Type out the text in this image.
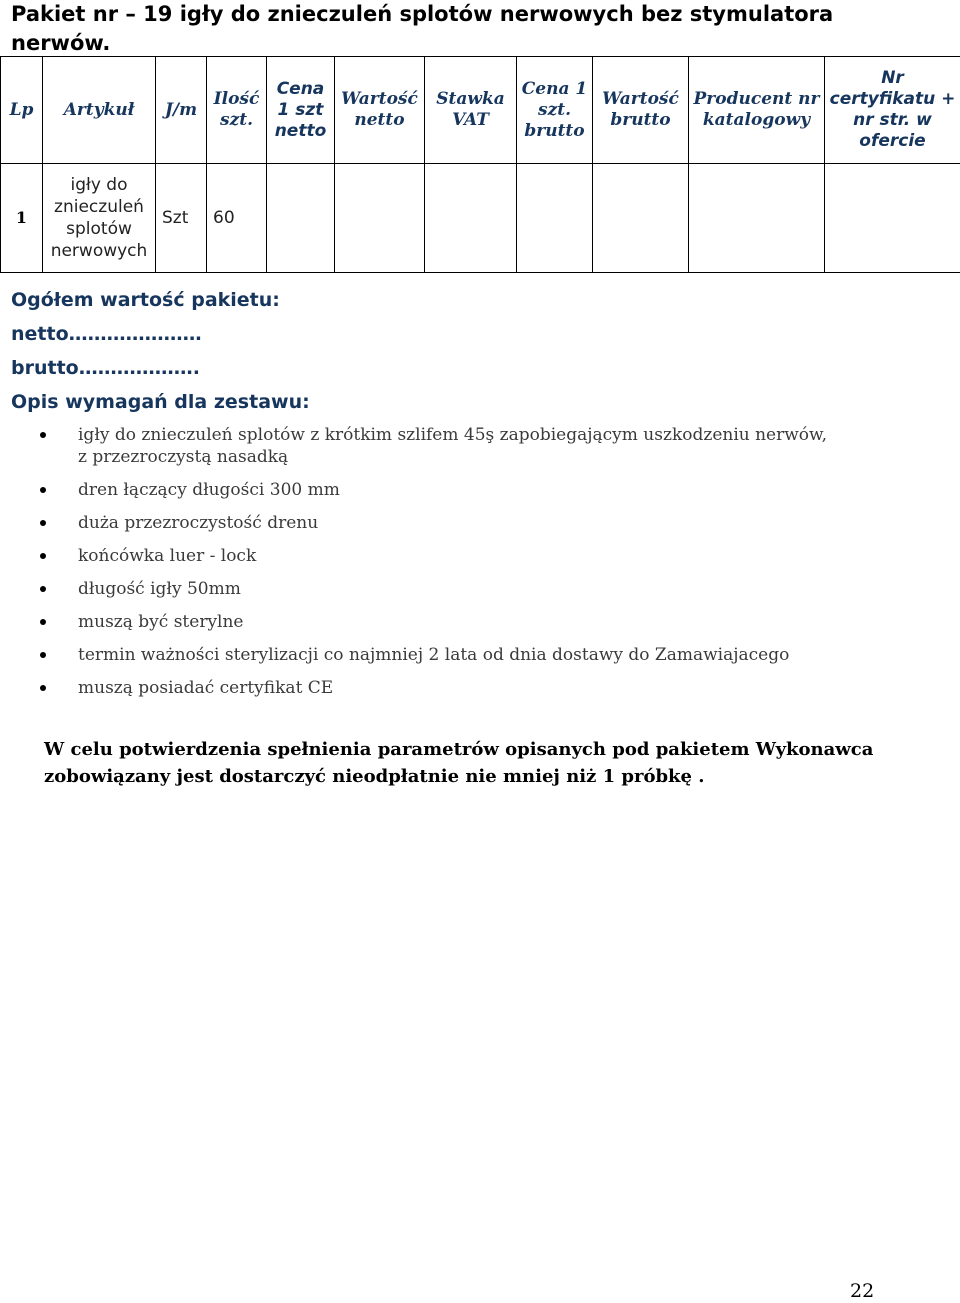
Pakiet nr – 19 igły do znieczuleń splotów nerwowych bez stymulatora nerwów.
Lp	Artykuł	J/m	Ilość szt.	Cena 1 szt netto	Wartość netto	Stawka VAT	Cena 1 szt. brutto	Wartość brutto	Producent nr katalogowy	Nr certyfikatu + nr str. w ofercie
1	igły do znieczuleń splotów nerwowych	Szt	60							
Ogółem wartość pakietu:
netto…………………
brutto……………….
Opis wymagań dla zestawu:
igły do znieczuleń splotów z krótkim szlifem 45ş zapobiegającym uszkodzeniu nerwów, z przezroczystą nasadką
dren łączący długości 300 mm
duża przezroczystość drenu
końcówka luer - lock
długość igły 50mm
muszą być sterylne
termin ważności sterylizacji co najmniej 2 lata od dnia dostawy do Zamawiajacego
muszą posiadać certyfikat CE
W celu potwierdzenia spełnienia parametrów opisanych pod pakietem Wykonawca zobowiązany jest dostarczyć nieodpłatnie nie mniej niż 1 próbkę .
22
